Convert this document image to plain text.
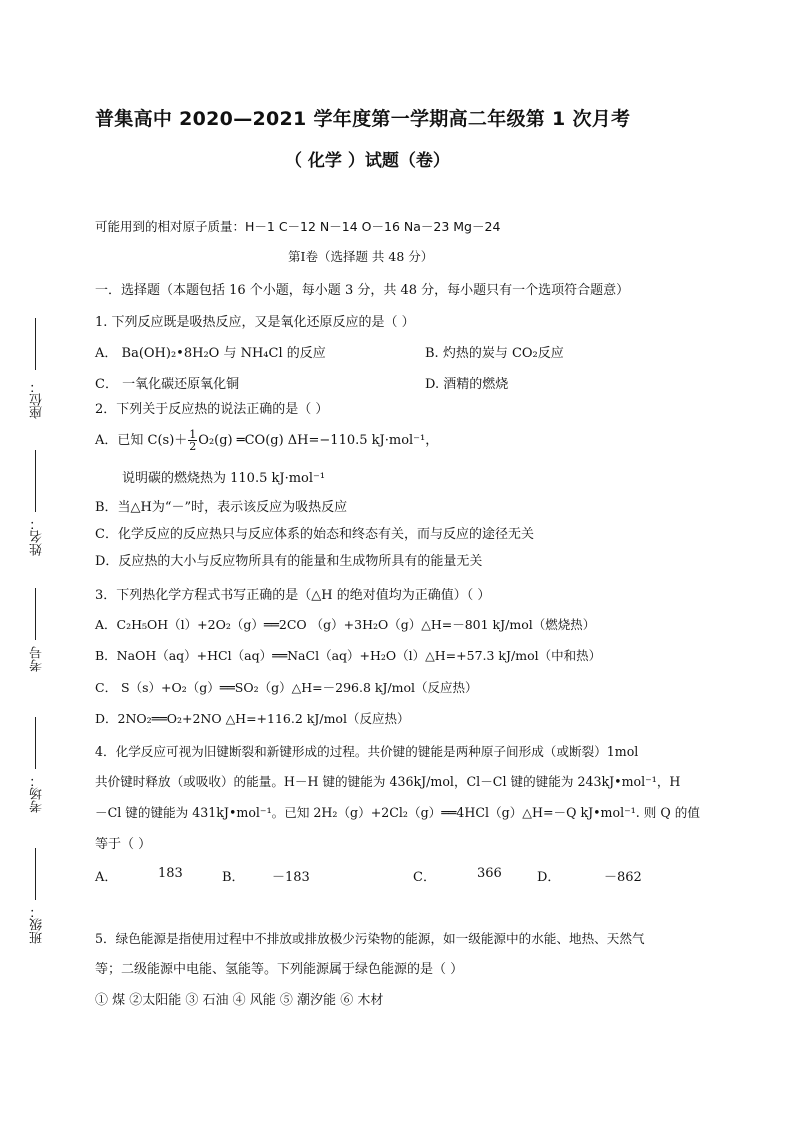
普集高中 2020—2021 学年度第一学期高二年级第 1 次月考
（ 化学 ）试题（卷）
可能用到的相对原子质量：H－1 C－12 N－14 O－16 Na－23 Mg－24
第Ⅰ卷（选择题 共 48 分）
一．选择题（本题包括 16 个小题，每小题 3 分，共 48 分，每小题只有一个选项符合题意）
座位：
姓名：
考号
考场：
班级：
1. 下列反应既是吸热反应，又是氧化还原反应的是（ ）
A． Ba(OH)₂•8H₂O 与 NH₄Cl 的反应	B. 灼热的炭与 CO₂反应
C． 一氧化碳还原氧化铜	D. 酒精的燃烧
2．下列关于反应热的说法正确的是（ ）
A．已知 $C(s)+ \frac{1}{2} O_2(g)$ ═CO(g) ΔH=−110.5 kJ·mol⁻¹，
说明碳的燃烧热为 110.5 kJ·mol⁻¹
B．当△H为“－”时，表示该反应为吸热反应
C．化学反应的反应热只与反应体系的始态和终态有关，而与反应的途径无关
D．反应热的大小与反应物所具有的能量和生成物所具有的能量无关
3．下列热化学方程式书写正确的是（△H 的绝对值均为正确值）（ ）
A．C₂H₅OH（l）+2O₂（g）══2CO （g）+3H₂O（g）△H=－801 kJ/mol（燃烧热）
B．NaOH（aq）+HCl（aq）══NaCl（aq）+H₂O（l）△H=+57.3 kJ/mol（中和热）
C． S（s）+O₂（g）══SO₂（g）△H=－296.8 kJ/mol（反应热）
D．2NO₂══O₂+2NO △H=+116.2 kJ/mol（反应热）
4．化学反应可视为旧键断裂和新键形成的过程。共价键的键能是两种原子间形成（或断裂）1mol
共价键时释放（或吸收）的能量。H－H 键的键能为 436kJ/mol，Cl－Cl 键的键能为 243kJ•mol⁻¹，H
－Cl 键的键能为 431kJ•mol⁻¹。已知 2H₂（g）+2Cl₂（g）══4HCl（g）△H=－Q kJ•mol⁻¹. 则 Q 的值
等于（ ）
A．	183	B． －183	C．	366	D．	－862
5．绿色能源是指使用过程中不排放或排放极少污染物的能源，如一级能源中的水能、地热、天然气
等；二级能源中电能、氢能等。下列能源属于绿色能源的是（ ）
① 煤 ②太阳能 ③ 石油 ④ 风能 ⑤ 潮汐能 ⑥ 木材
